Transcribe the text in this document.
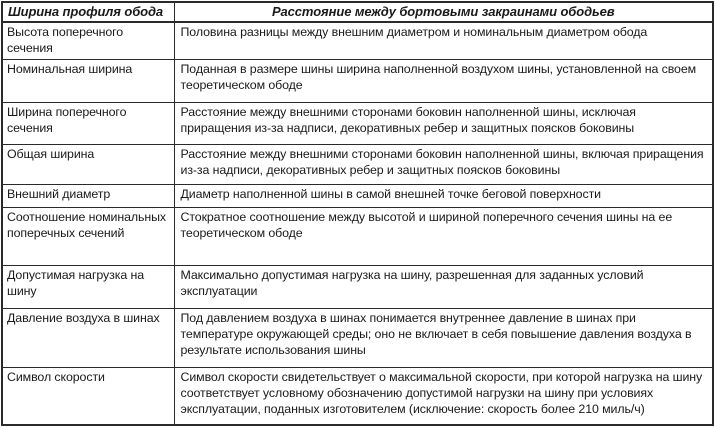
Ширина профиля обода	Расстояние между бортовыми закраинами ободьев
Высота поперечного сечения	Половина разницы между внешним диаметром и номинальным диаметром обода
Номинальная ширина	Поданная в размере шины ширина наполненной воздухом шины, установленной на своем теоретическом ободе
Ширина поперечного сечения	Расстояние между внешними сторонами боковин наполненной шины, исключая приращения из-за надписи, декоративных ребер и защитных поясков боковины
Общая ширина	Расстояние между внешними сторонами боковин наполненной шины, включая приращения из-за надписи, декоративных ребер и защитных поясков боковины
Внешний диаметр	Диаметр наполненной шины в самой внешней точке беговой поверхности
Соотношение номинальных поперечных сечений	Стократное соотношение между высотой и шириной поперечного сечения шины на ее теоретическом ободе
Допустимая нагрузка на шину	Максимально допустимая нагрузка на шину, разрешенная для заданных условий эксплуатации
Давление воздуха в шинах	Под давлением воздуха в шинах понимается внутреннее давление в шинах при температуре окружающей среды; оно не включает в себя повышение давления воздуха в результате использования шины
Символ скорости	Символ скорости свидетельствует о максимальной скорости, при которой нагрузка на шину соответствует условному обозначению допустимой нагрузки на шину при условиях эксплуатации, поданных изготовителем (исключение: скорость более 210 миль/ч)
